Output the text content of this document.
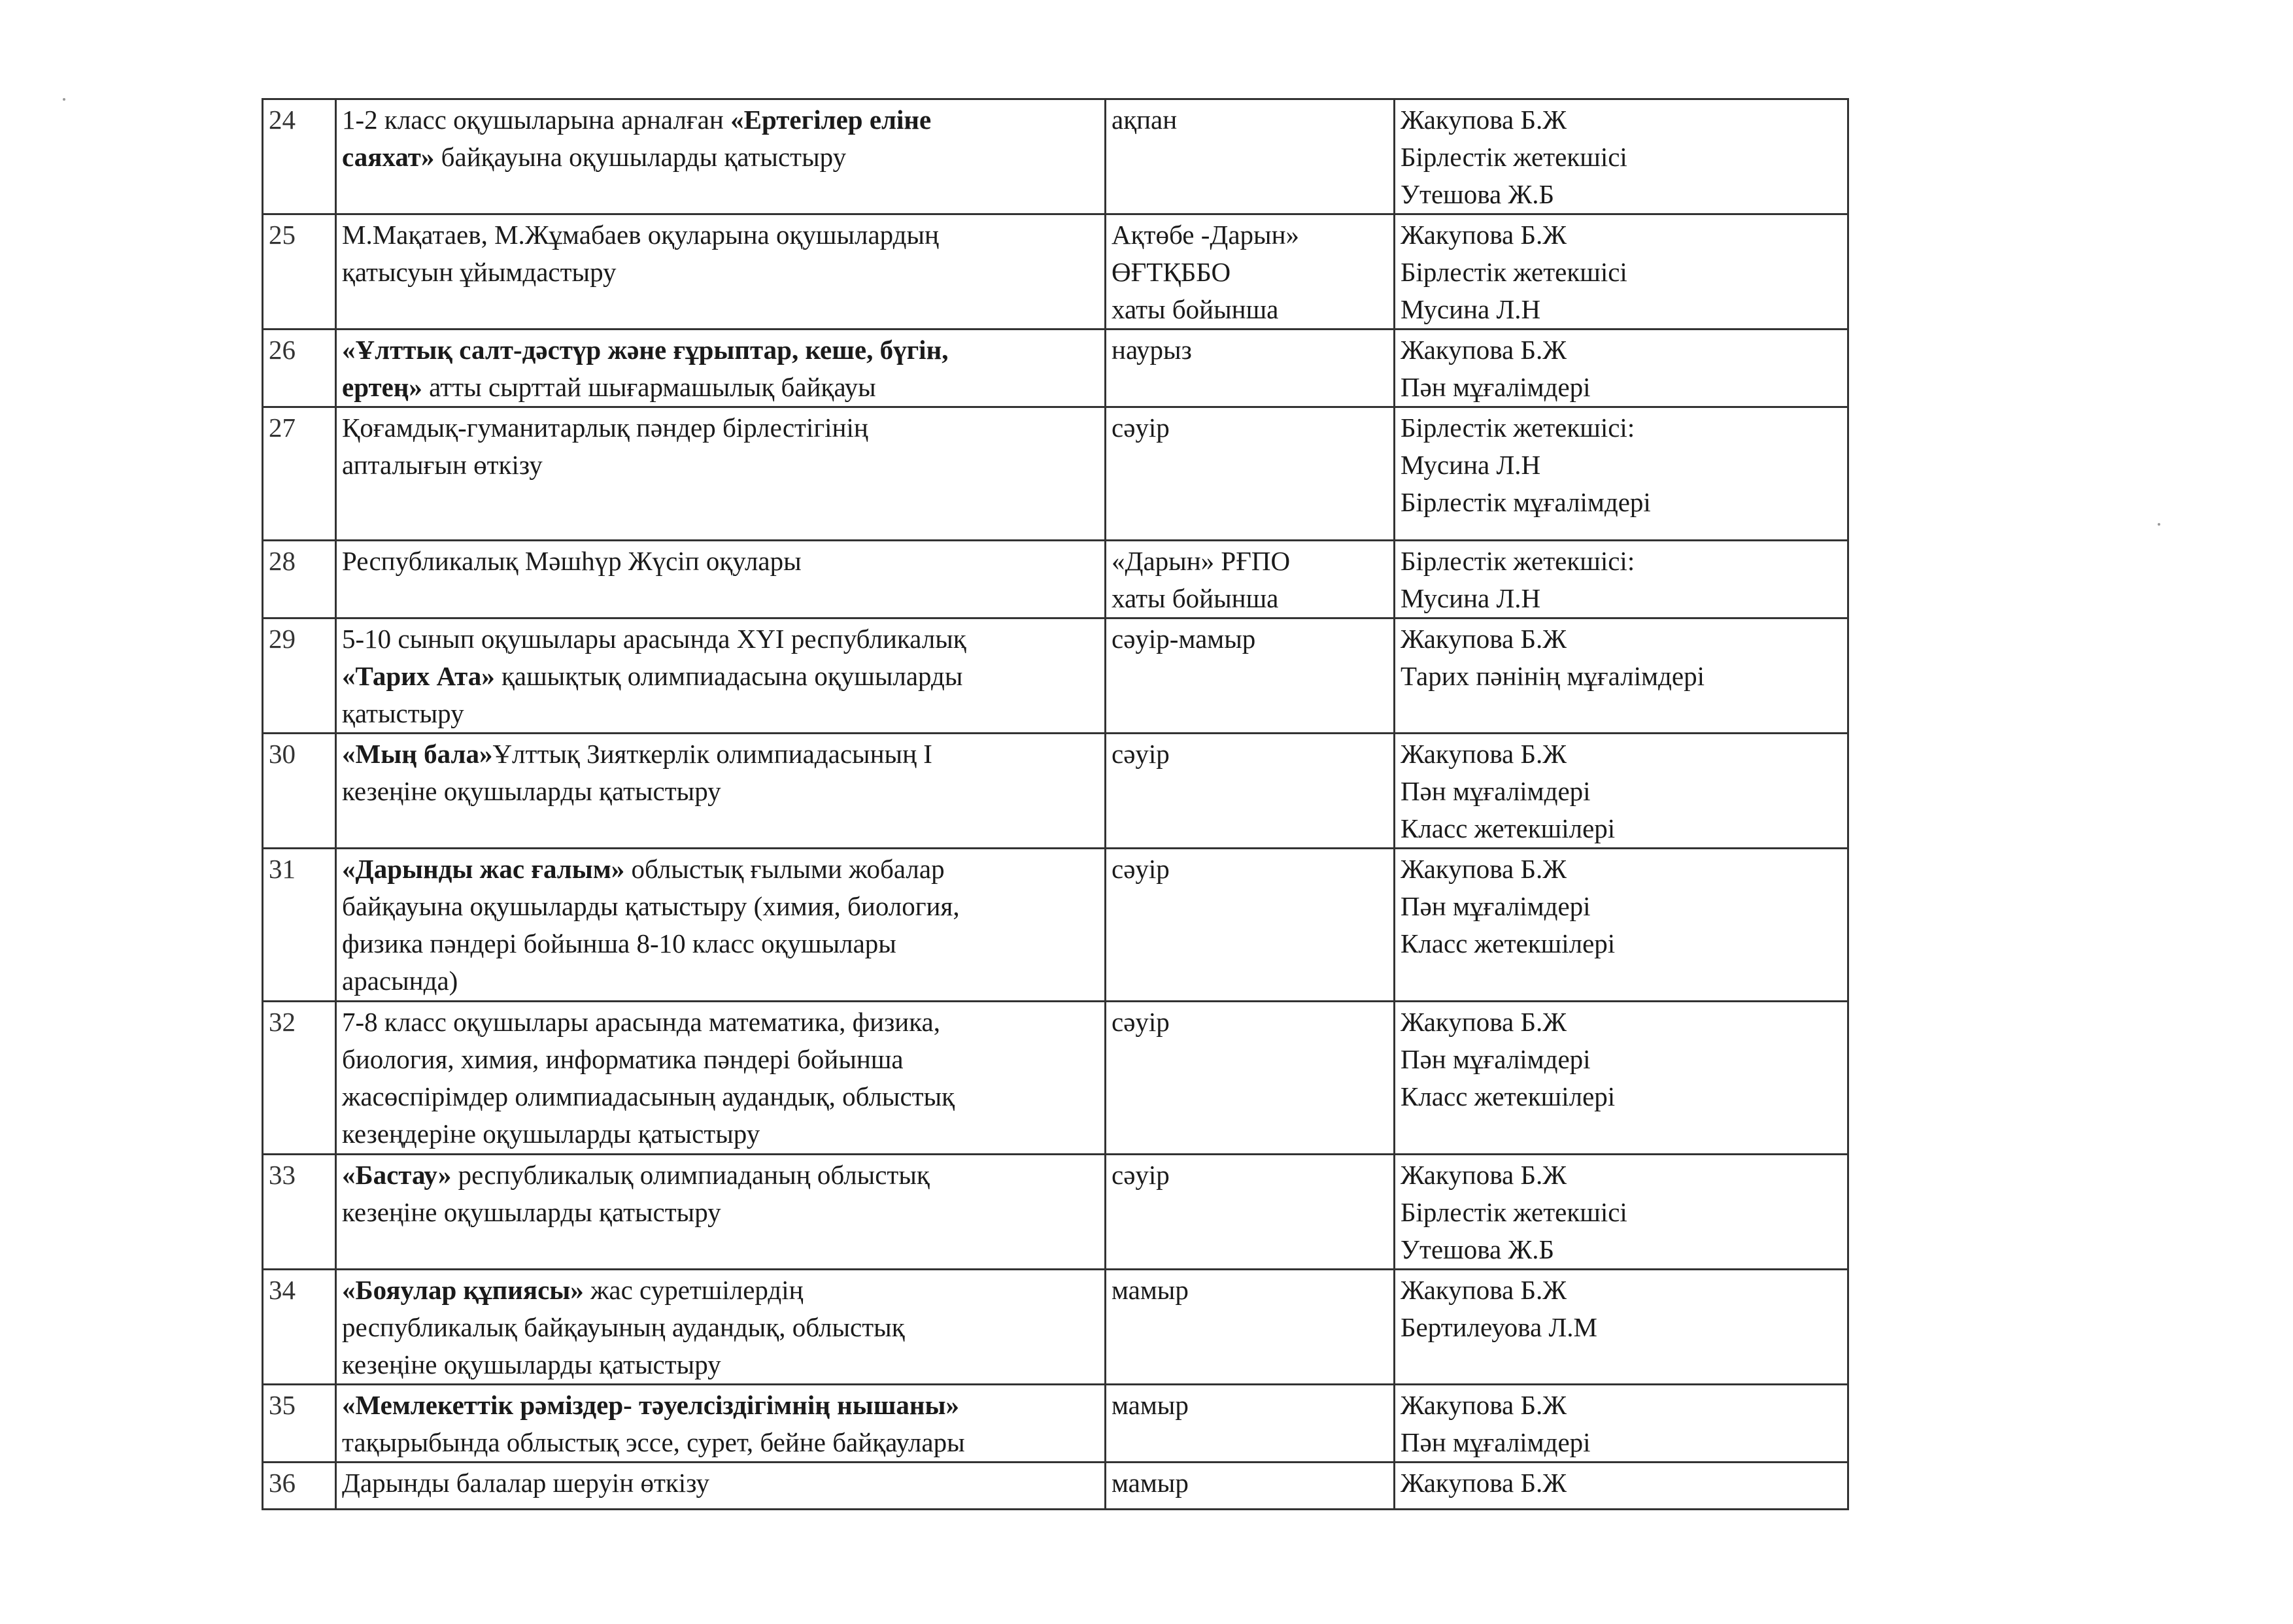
24	1-2 класс оқушыларына арналған «Ертегілер еліне
саяхат» байқауына оқушыларды қатыстыру	ақпан	Жакупова Б.Ж
Бірлестік жетекшісі
Утешова Ж.Б

25	М.Мақатаев, М.Жұмабаев оқуларына оқушылардың
қатысуын ұйымдастыру	Ақтөбе -Дарын»
ӨҒТҚББО
хаты бойынша	Жакупова Б.Ж
Бірлестік жетекшісі
Мусина Л.Н

26	«Ұлттық салт-дәстүр және ғұрыптар, кеше, бүгін,
ертең» атты сырттай шығармашылық байқауы	наурыз	Жакупова Б.Ж
Пән мұғалімдері

27	Қоғамдық-гуманитарлық пәндер бірлестігінің
апталығын өткізу	сәуір	Бірлестік жетекшісі:
Мусина Л.Н
Бірлестік мұғалімдері

28	Республикалық Мәшһүр Жүсіп оқулары	«Дарын» РҒПО
хаты бойынша	Бірлестік жетекшісі:
Мусина Л.Н

29	5-10 сынып оқушылары арасында ХҮІ республикалық
«Тарих Ата» қашықтық олимпиадасына оқушыларды
қатыстыру	сәуір-мамыр	Жакупова Б.Ж
Тарих пәнінің мұғалімдері

30	«Мың бала»Ұлттық Зияткерлік олимпиадасының І
кезеңіне оқушыларды қатыстыру	сәуір	Жакупова Б.Ж
Пән мұғалімдері
Класс жетекшілері

31	«Дарынды жас ғалым» облыстық ғылыми жобалар
байқауына оқушыларды қатыстыру (химия, биология,
физика пәндері бойынша 8-10 класс оқушылары
арасында)	сәуір	Жакупова Б.Ж
Пән мұғалімдері
Класс жетекшілері

32	7-8 класс оқушылары арасында математика, физика,
биология, химия, информатика пәндері бойынша
жасөспірімдер олимпиадасының аудандық, облыстық
кезеңдеріне оқушыларды қатыстыру	сәуір	Жакупова Б.Ж
Пән мұғалімдері
Класс жетекшілері

33	«Бастау» республикалық олимпиаданың облыстық
кезеңіне оқушыларды қатыстыру	сәуір	Жакупова Б.Ж
Бірлестік жетекшісі
Утешова Ж.Б

34	«Бояулар құпиясы» жас суретшілердің
республикалық байқауының аудандық, облыстық
кезеңіне оқушыларды қатыстыру	мамыр	Жакупова Б.Ж
Бертилеуова Л.М

35	«Мемлекеттік рәміздер- тәуелсіздігімнің нышаны»
тақырыбында облыстық эссе, сурет, бейне байқаулары	мамыр	Жакупова Б.Ж
Пән мұғалімдері

36	Дарынды балалар шеруін өткізу	мамыр	Жакупова Б.Ж
